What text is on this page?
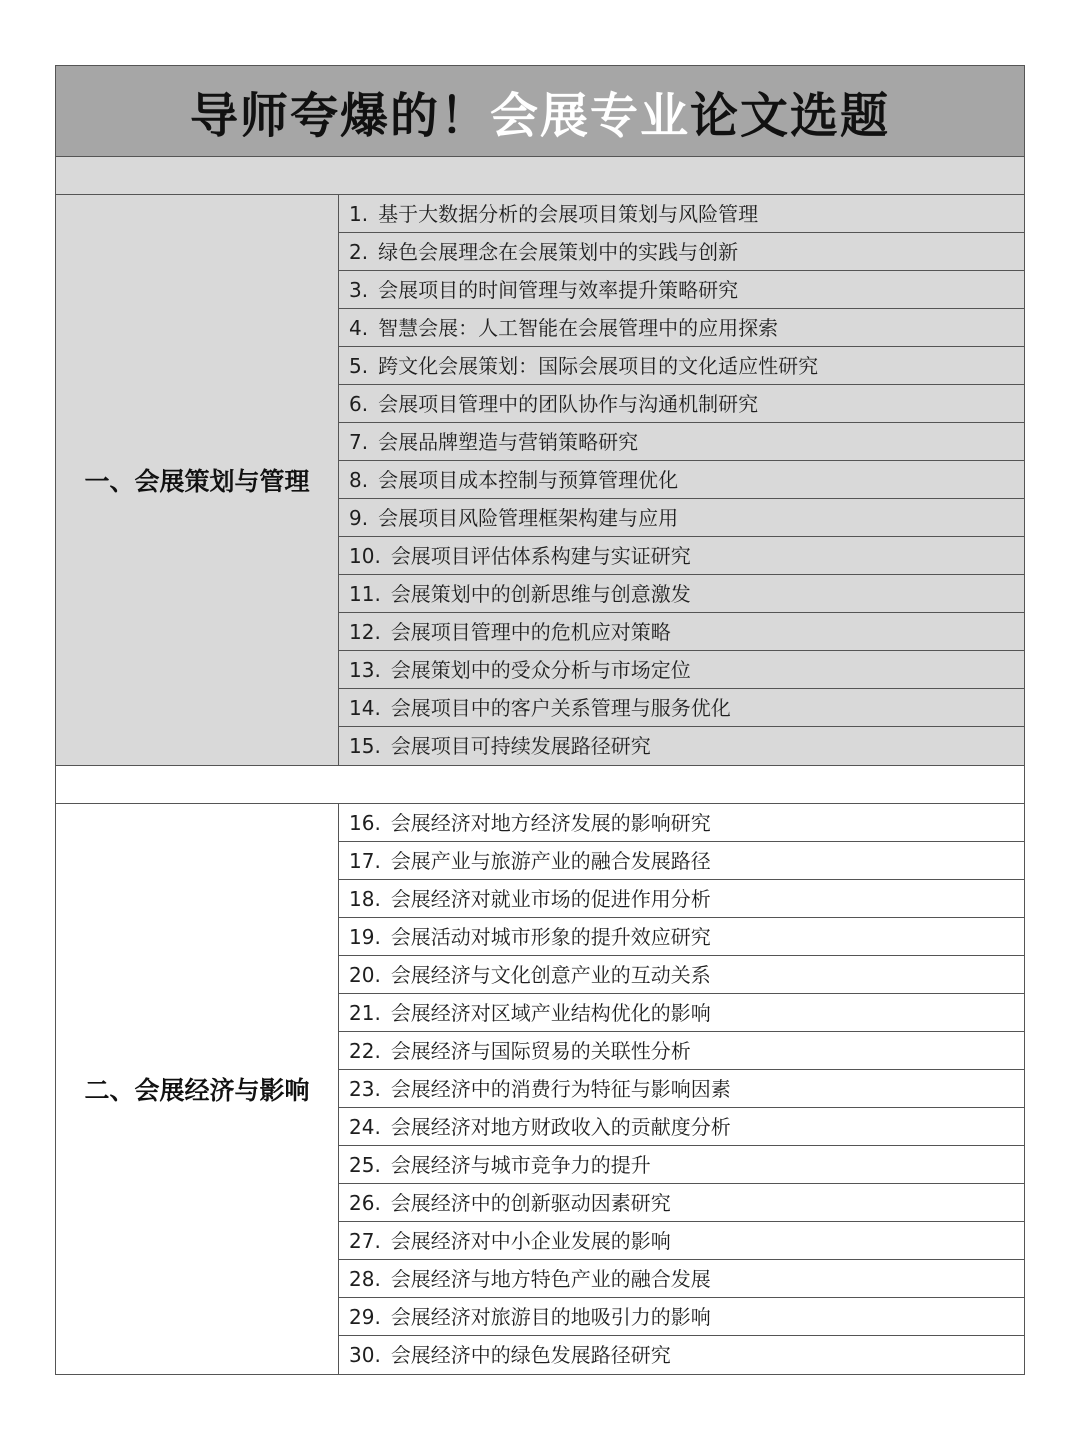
导师夸爆的！ 会展专业 论文选题
一、会展策划与管理
1. 基于大数据分析的会展项目策划与风险管理
2. 绿色会展理念在会展策划中的实践与创新
3. 会展项目的时间管理与效率提升策略研究
4. 智慧会展：人工智能在会展管理中的应用探索
5. 跨文化会展策划：国际会展项目的文化适应性研究
6. 会展项目管理中的团队协作与沟通机制研究
7. 会展品牌塑造与营销策略研究
8. 会展项目成本控制与预算管理优化
9. 会展项目风险管理框架构建与应用
10. 会展项目评估体系构建与实证研究
11. 会展策划中的创新思维与创意激发
12. 会展项目管理中的危机应对策略
13. 会展策划中的受众分析与市场定位
14. 会展项目中的客户关系管理与服务优化
15. 会展项目可持续发展路径研究
二、会展经济与影响
16. 会展经济对地方经济发展的影响研究
17. 会展产业与旅游产业的融合发展路径
18. 会展经济对就业市场的促进作用分析
19. 会展活动对城市形象的提升效应研究
20. 会展经济与文化创意产业的互动关系
21. 会展经济对区域产业结构优化的影响
22. 会展经济与国际贸易的关联性分析
23. 会展经济中的消费行为特征与影响因素
24. 会展经济对地方财政收入的贡献度分析
25. 会展经济与城市竞争力的提升
26. 会展经济中的创新驱动因素研究
27. 会展经济对中小企业发展的影响
28. 会展经济与地方特色产业的融合发展
29. 会展经济对旅游目的地吸引力的影响
30. 会展经济中的绿色发展路径研究
